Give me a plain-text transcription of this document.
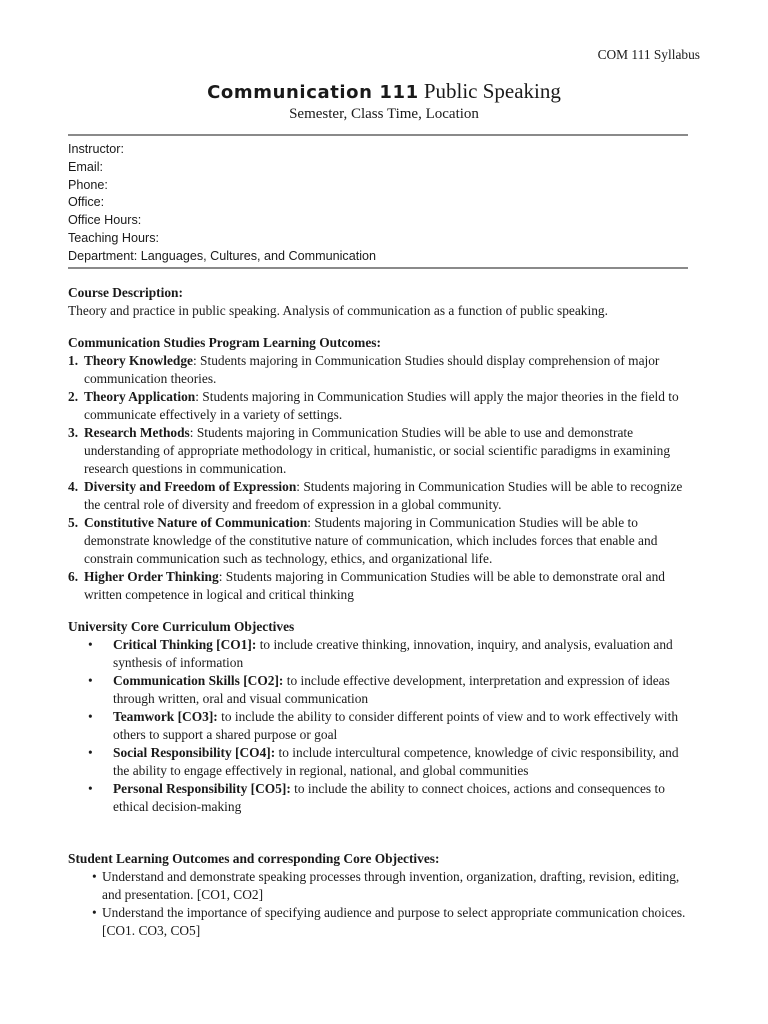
COM 111 Syllabus
Communication 111 Public Speaking
Semester, Class Time, Location
Instructor:
Email:
Phone:
Office:
Office Hours:
Teaching Hours:
Department: Languages, Cultures, and Communication
Course Description:

Theory and practice in public speaking. Analysis of communication as a function of public speaking.

Communication Studies Program Learning Outcomes:
1. Theory Knowledge: Students majoring in Communication Studies should display comprehension of major communication theories.
2. Theory Application: Students majoring in Communication Studies will apply the major theories in the field to communicate effectively in a variety of settings.
3. Research Methods: Students majoring in Communication Studies will be able to use and demonstrate understanding of appropriate methodology in critical, humanistic, or social scientific paradigms in examining research questions in communication.
4. Diversity and Freedom of Expression: Students majoring in Communication Studies will be able to recognize the central role of diversity and freedom of expression in a global community.
5. Constitutive Nature of Communication: Students majoring in Communication Studies will be able to demonstrate knowledge of the constitutive nature of communication, which includes forces that enable and constrain communication such as technology, ethics, and organizational life.
6. Higher Order Thinking: Students majoring in Communication Studies will be able to demonstrate oral and written competence in logical and critical thinking
University Core Curriculum Objectives
• Critical Thinking [CO1]: to include creative thinking, innovation, inquiry, and analysis, evaluation and synthesis of information
• Communication Skills [CO2]: to include effective development, interpretation and expression of ideas through written, oral and visual communication
• Teamwork [CO3]: to include the ability to consider different points of view and to work effectively with others to support a shared purpose or goal
• Social Responsibility [CO4]: to include intercultural competence, knowledge of civic responsibility, and the ability to engage effectively in regional, national, and global communities
• Personal Responsibility [CO5]: to include the ability to connect choices, actions and consequences to ethical decision-making
Student Learning Outcomes and corresponding Core Objectives:
• Understand and demonstrate speaking processes through invention, organization, drafting, revision, editing, and presentation. [CO1, CO2]
• Understand the importance of specifying audience and purpose to select appropriate communication choices. [CO1. CO3, CO5]
